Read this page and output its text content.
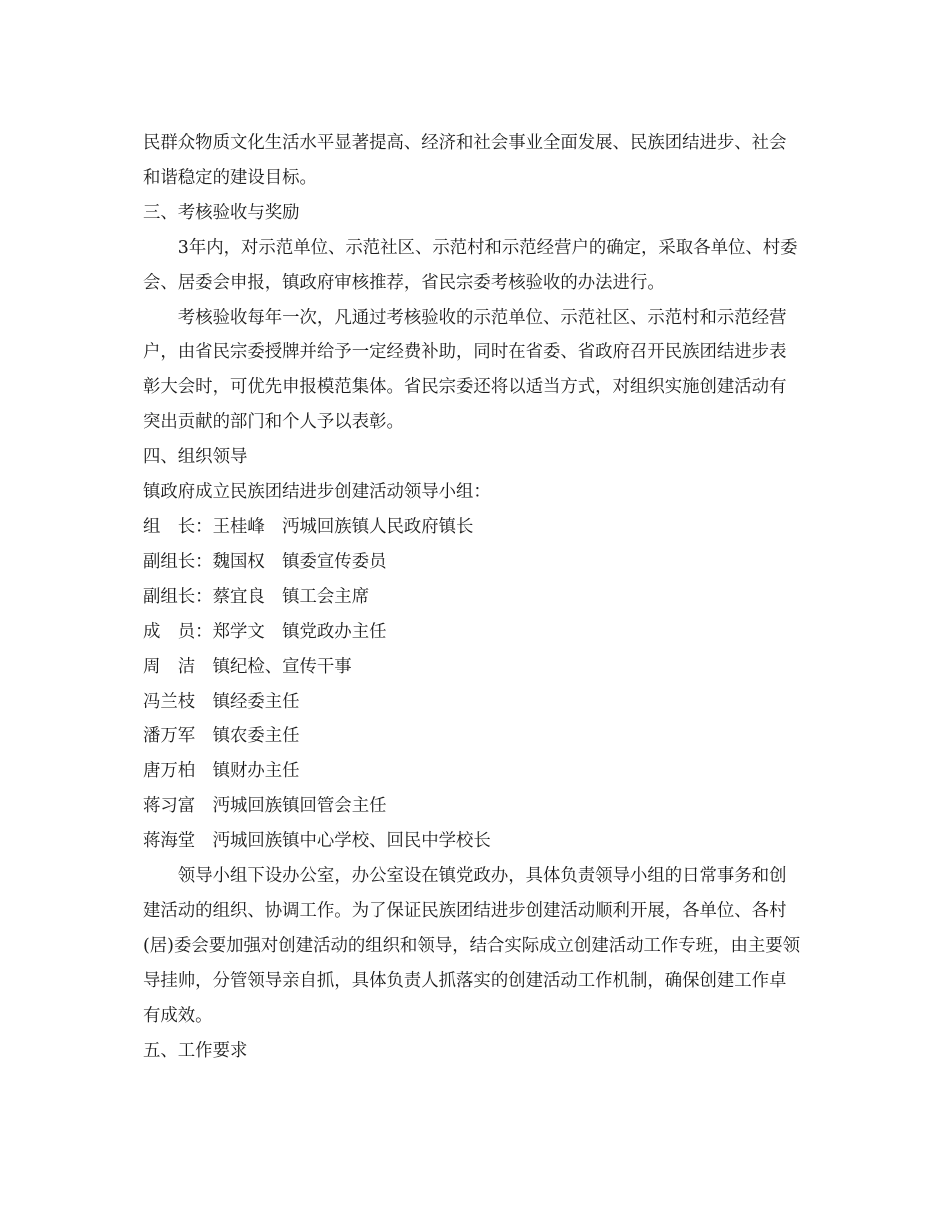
民群众物质文化生活水平显著提高、经济和社会事业全面发展、民族团结进步、社会和谐稳定的建设目标。

三、考核验收与奖励

3年内，对示范单位、示范社区、示范村和示范经营户的确定，采取各单位、村委会、居委会申报，镇政府审核推荐，省民宗委考核验收的办法进行。

考核验收每年一次，凡通过考核验收的示范单位、示范社区、示范村和示范经营户，由省民宗委授牌并给予一定经费补助，同时在省委、省政府召开民族团结进步表彰大会时，可优先申报模范集体。省民宗委还将以适当方式，对组织实施创建活动有突出贡献的部门和个人予以表彰。

四、组织领导

镇政府成立民族团结进步创建活动领导小组：

组　长：王桂峰　沔城回族镇人民政府镇长

副组长：魏国权　镇委宣传委员

副组长：蔡宜良　镇工会主席

成　员：郑学文　镇党政办主任

周　洁　镇纪检、宣传干事

冯兰枝　镇经委主任

潘万军　镇农委主任

唐万柏　镇财办主任

蒋习富　沔城回族镇回管会主任

蒋海堂　沔城回族镇中心学校、回民中学校长

领导小组下设办公室，办公室设在镇党政办，具体负责领导小组的日常事务和创建活动的组织、协调工作。为了保证民族团结进步创建活动顺利开展，各单位、各村(居)委会要加强对创建活动的组织和领导，结合实际成立创建活动工作专班，由主要领导挂帅，分管领导亲自抓，具体负责人抓落实的创建活动工作机制，确保创建工作卓有成效。

五、工作要求
